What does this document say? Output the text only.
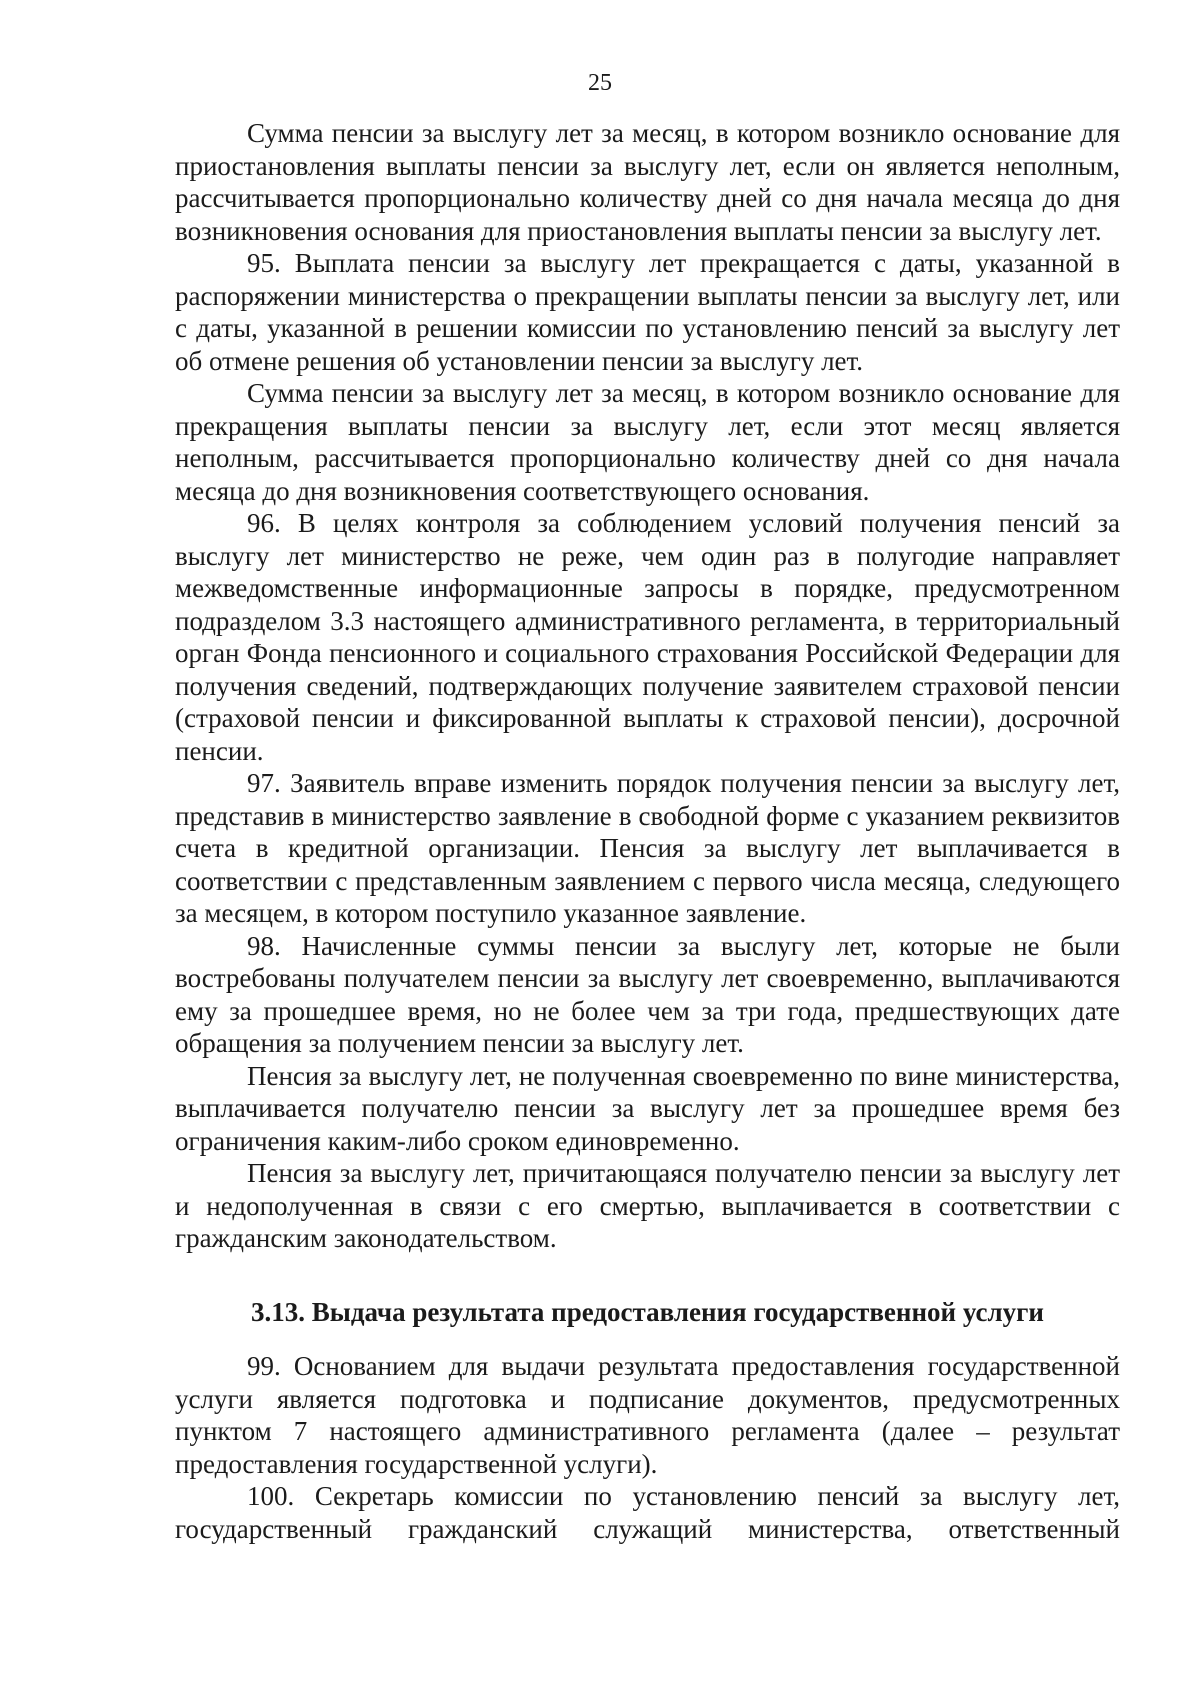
25

Сумма пенсии за выслугу лет за месяц, в котором возникло основание для приостановления выплаты пенсии за выслугу лет, если он является неполным, рассчитывается пропорционально количеству дней со дня начала месяца до дня возникновения основания для приостановления выплаты пенсии за выслугу лет.

95. Выплата пенсии за выслугу лет прекращается с даты, указанной в распоряжении министерства о прекращении выплаты пенсии за выслугу лет, или с даты, указанной в решении комиссии по установлению пенсий за выслугу лет об отмене решения об установлении пенсии за выслугу лет.

Сумма пенсии за выслугу лет за месяц, в котором возникло основание для прекращения выплаты пенсии за выслугу лет, если этот месяц является неполным, рассчитывается пропорционально количеству дней со дня начала месяца до дня возникновения соответствующего основания.

96. В целях контроля за соблюдением условий получения пенсий за выслугу лет министерство не реже, чем один раз в полугодие направляет межведомственные информационные запросы в порядке, предусмотренном подразделом 3.3 настоящего административного регламента, в территориальный орган Фонда пенсионного и социального страхования Российской Федерации для получения сведений, подтверждающих получение заявителем страховой пенсии (страховой пенсии и фиксированной выплаты к страховой пенсии), досрочной пенсии.

97. Заявитель вправе изменить порядок получения пенсии за выслугу лет, представив в министерство заявление в свободной форме с указанием реквизитов счета в кредитной организации. Пенсия за выслугу лет выплачивается в соответствии с представленным заявлением с первого числа месяца, следующего за месяцем, в котором поступило указанное заявление.

98. Начисленные суммы пенсии за выслугу лет, которые не были востребованы получателем пенсии за выслугу лет своевременно, выплачиваются ему за прошедшее время, но не более чем за три года, предшествующих дате обращения за получением пенсии за выслугу лет.

Пенсия за выслугу лет, не полученная своевременно по вине министерства, выплачивается получателю пенсии за выслугу лет за прошедшее время без ограничения каким-либо сроком единовременно.

Пенсия за выслугу лет, причитающаяся получателю пенсии за выслугу лет и недополученная в связи с его смертью, выплачивается в соответствии с гражданским законодательством.

3.13. Выдача результата предоставления государственной услуги

99. Основанием для выдачи результата предоставления государственной услуги является подготовка и подписание документов, предусмотренных пунктом 7 настоящего административного регламента (далее – результат предоставления государственной услуги).

100. Секретарь комиссии по установлению пенсий за выслугу лет, государственный гражданский служащий министерства, ответственный
